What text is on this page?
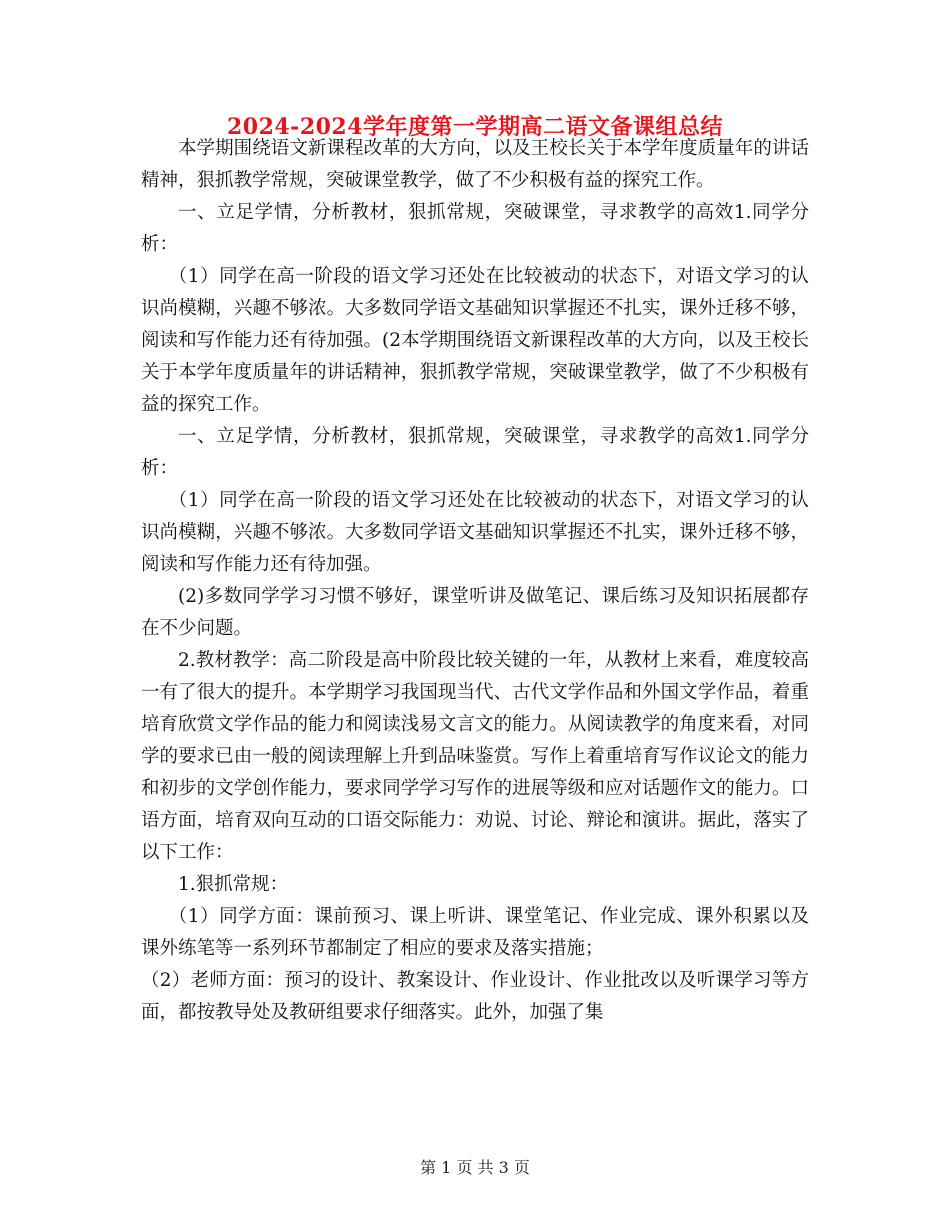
2024-2024学年度第一学期高二语文备课组总结

本学期围绕语文新课程改革的大方向，以及王校长关于本学年度质量年的讲话精神，狠抓教学常规，突破课堂教学，做了不少积极有益的探究工作。

一、立足学情，分析教材，狠抓常规，突破课堂，寻求教学的高效1.同学分析：

（1）同学在高一阶段的语文学习还处在比较被动的状态下，对语文学习的认识尚模糊，兴趣不够浓。大多数同学语文基础知识掌握还不扎实，课外迁移不够，阅读和写作能力还有待加强。(2本学期围绕语文新课程改革的大方向，以及王校长关于本学年度质量年的讲话精神，狠抓教学常规，突破课堂教学，做了不少积极有益的探究工作。

一、立足学情，分析教材，狠抓常规，突破课堂，寻求教学的高效1.同学分析：

（1）同学在高一阶段的语文学习还处在比较被动的状态下，对语文学习的认识尚模糊，兴趣不够浓。大多数同学语文基础知识掌握还不扎实，课外迁移不够，阅读和写作能力还有待加强。

(2)多数同学学习习惯不够好，课堂听讲及做笔记、课后练习及知识拓展都存在不少问题。

2.教材教学：高二阶段是高中阶段比较关键的一年，从教材上来看，难度较高一有了很大的提升。本学期学习我国现当代、古代文学作品和外国文学作品，着重培育欣赏文学作品的能力和阅读浅易文言文的能力。从阅读教学的角度来看，对同学的要求已由一般的阅读理解上升到品味鉴赏。写作上着重培育写作议论文的能力和初步的文学创作能力，要求同学学习写作的进展等级和应对话题作文的能力。口语方面，培育双向互动的口语交际能力：劝说、讨论、辩论和演讲。据此，落实了以下工作：

1.狠抓常规：

（1）同学方面：课前预习、课上听讲、课堂笔记、作业完成、课外积累以及课外练笔等一系列环节都制定了相应的要求及落实措施；

（2）老师方面：预习的设计、教案设计、作业设计、作业批改以及听课学习等方面，都按教导处及教研组要求仔细落实。此外，加强了集

第 1 页 共 3 页
